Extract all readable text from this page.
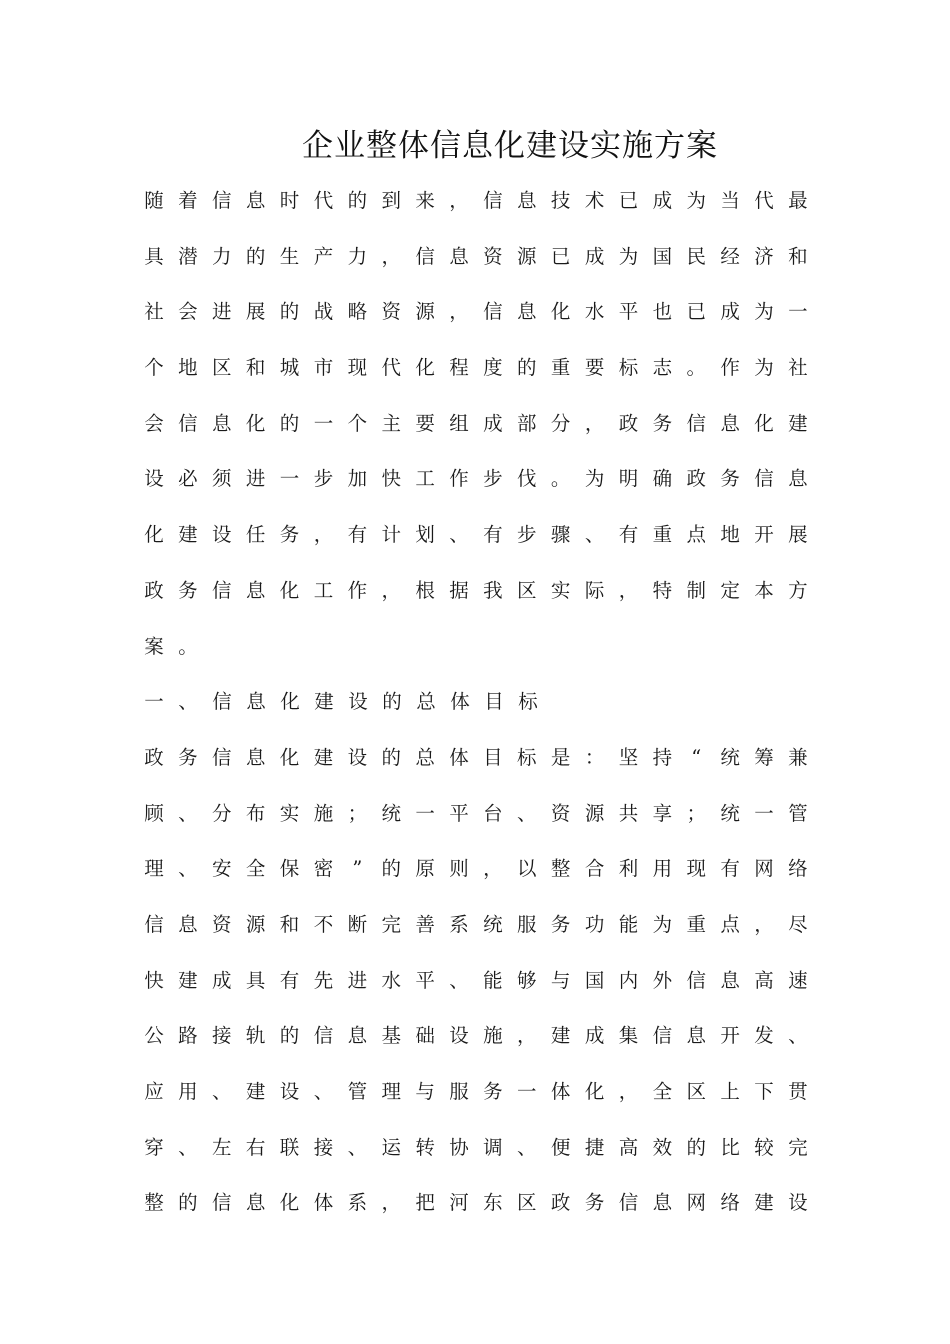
企业整体信息化建设实施方案
随 着 信 息 时 代 的 到 来 ， 信 息 技 术 已 成 为 当 代 最
具 潜 力 的 生 产 力 ， 信 息 资 源 已 成 为 国 民 经 济 和
社 会 进 展 的 战 略 资 源 ， 信 息 化 水 平 也 已 成 为 一
个 地 区 和 城 市 现 代 化 程 度 的 重 要 标 志 。 作 为 社
会 信 息 化 的 一 个 主 要 组 成 部 分 ， 政 务 信 息 化 建
设 必 须 进 一 步 加 快 工 作 步 伐 。 为 明 确 政 务 信 息
化 建 设 任 务 ， 有 计 划 、 有 步 骤 、 有 重 点 地 开 展
政 务 信 息 化 工 作 ， 根 据 我 区 实 际 ， 特 制 定 本 方
案 。
一 、 信 息 化 建 设 的 总 体 目 标
政 务 信 息 化 建 设 的 总 体 目 标 是 ： 坚 持 “ 统 筹 兼
顾 、 分 布 实 施 ； 统 一 平 台 、 资 源 共 享 ； 统 一 管
理 、 安 全 保 密 ” 的 原 则 ， 以 整 合 利 用 现 有 网 络
信 息 资 源 和 不 断 完 善 系 统 服 务 功 能 为 重 点 ， 尽
快 建 成 具 有 先 进 水 平 、 能 够 与 国 内 外 信 息 高 速
公 路 接 轨 的 信 息 基 础 设 施 ， 建 成 集 信 息 开 发 、
应 用 、 建 设 、 管 理 与 服 务 一 体 化 ， 全 区 上 下 贯
穿 、 左 右 联 接 、 运 转 协 调 、 便 捷 高 效 的 比 较 完
整 的 信 息 化 体 系 ， 把 河 东 区 政 务 信 息 网 络 建 设
